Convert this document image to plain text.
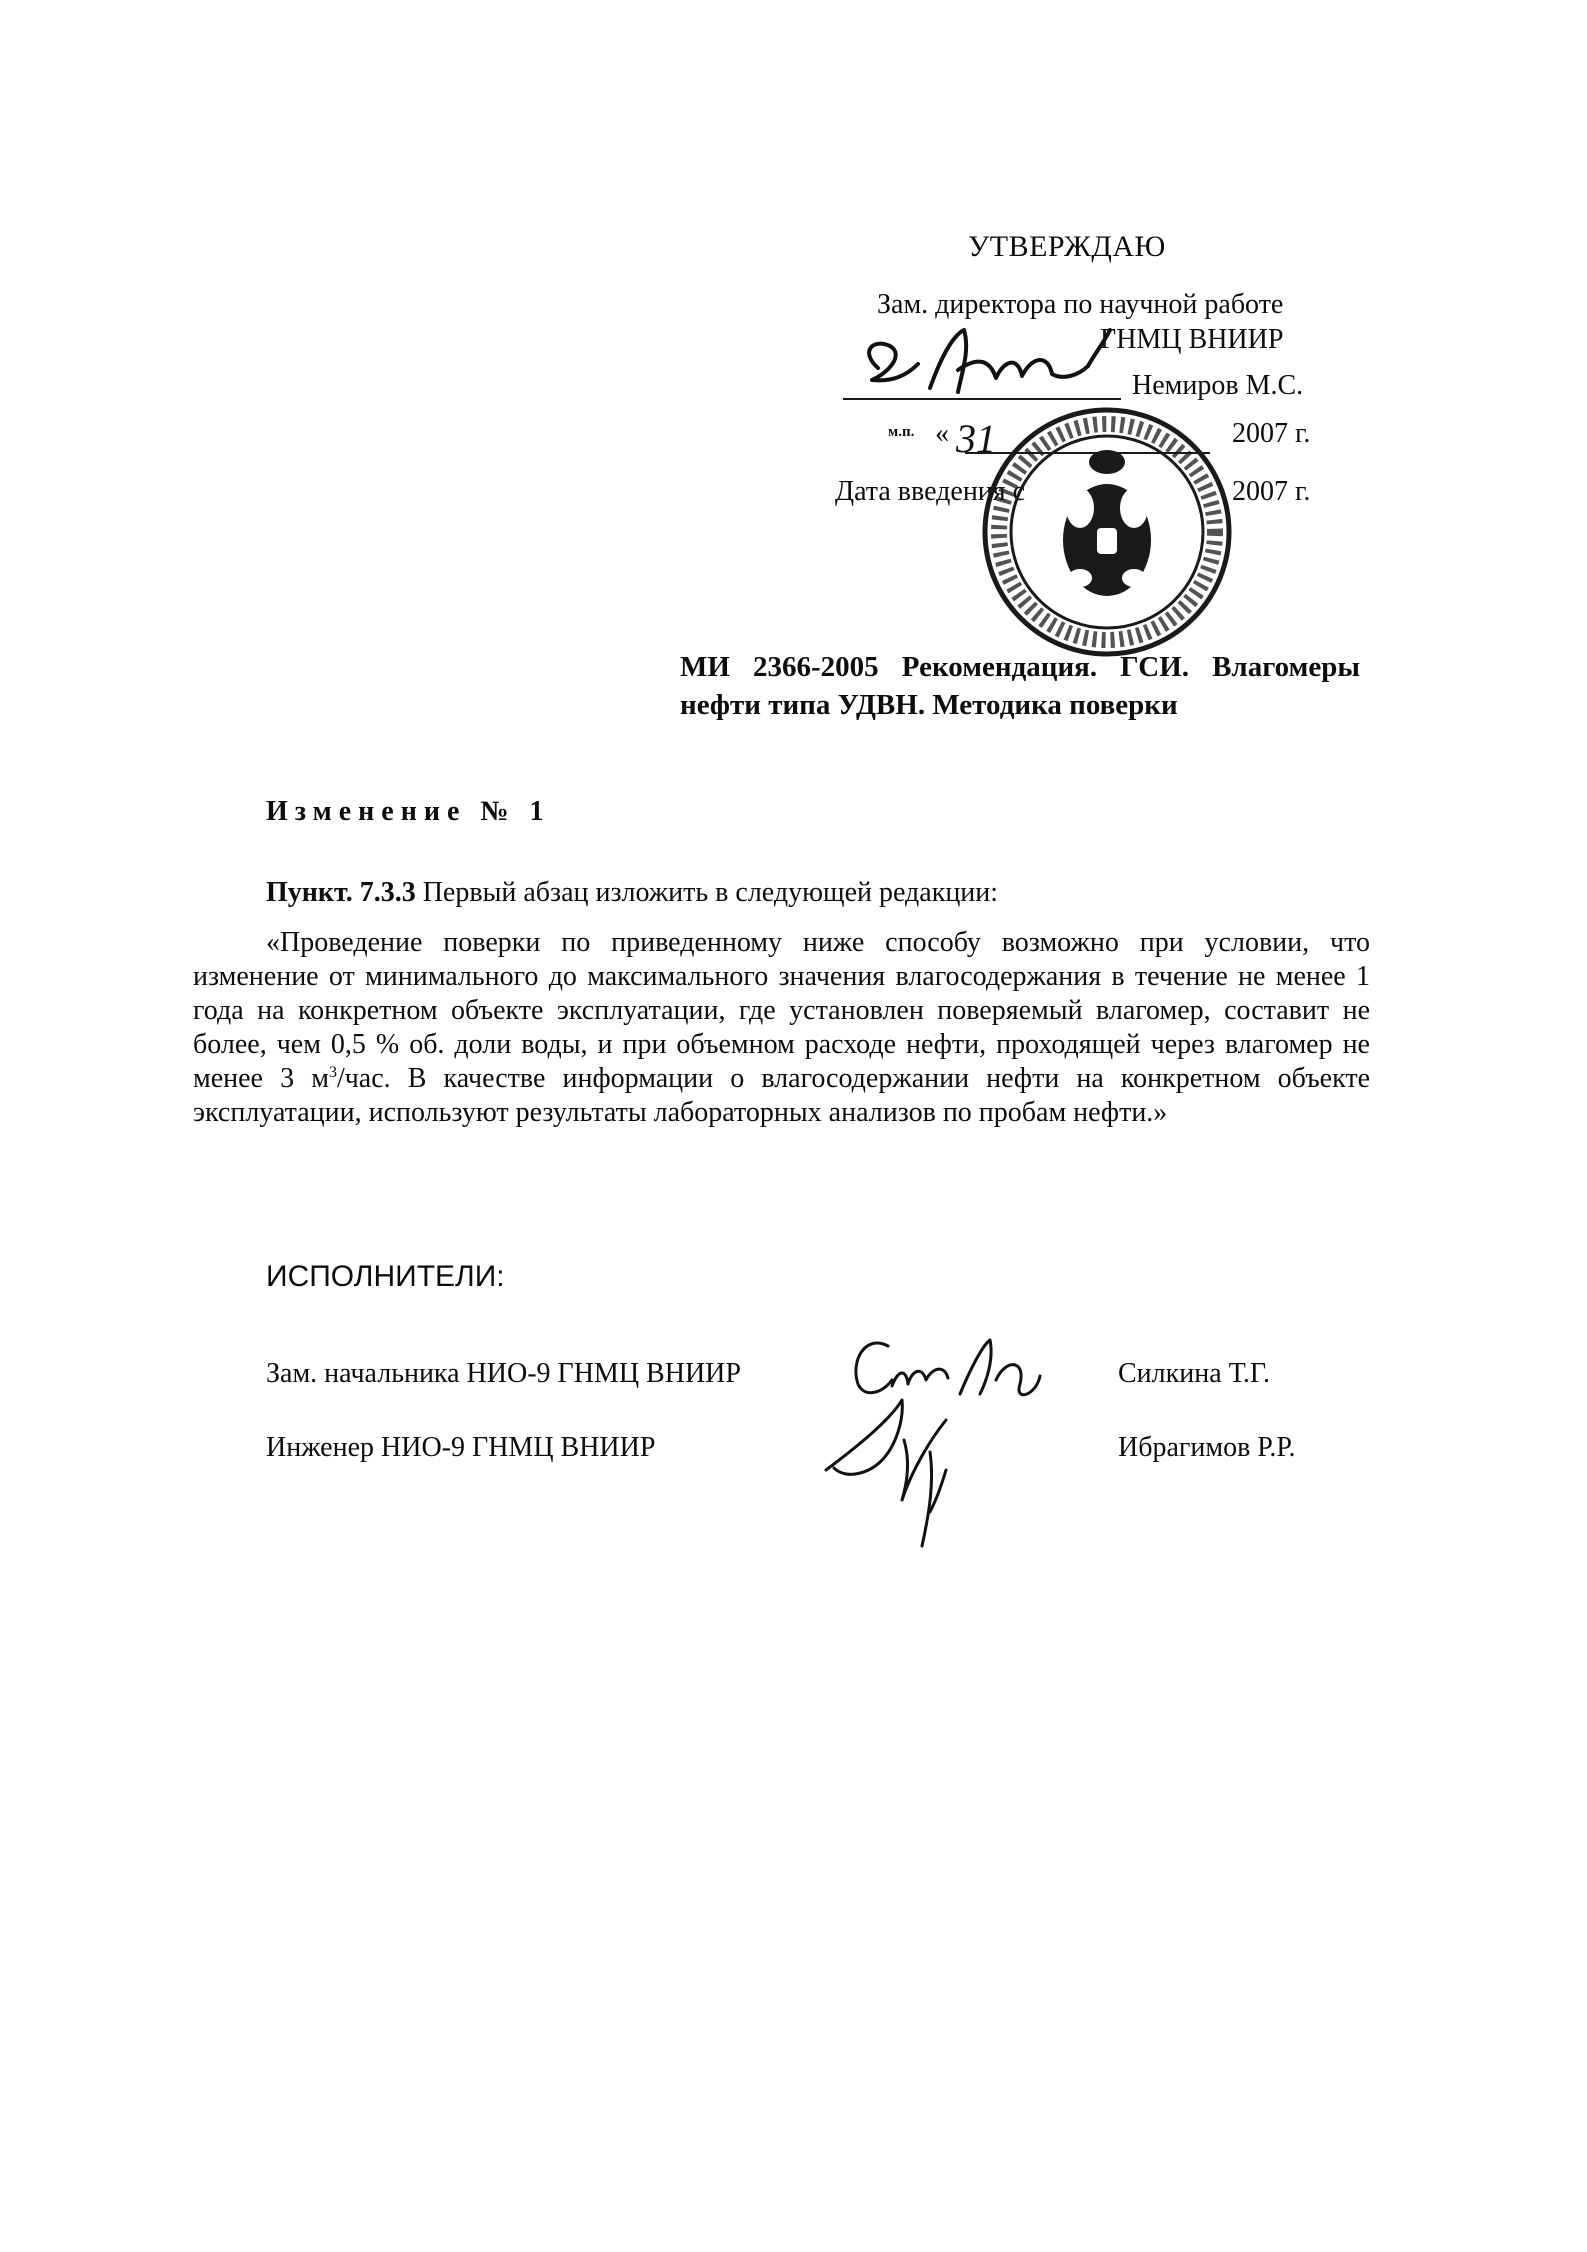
УТВЕРЖДАЮ
Зам. директора по научной работе
ГНМЦ ВНИИР
Немиров М.С.
м.п. «	2007 г.
Дата введения с	2007 г.
МИ 2366-2005 Рекомендация. ГСИ. Влагомеры нефти типа УДВН. Методика поверки
Изменение № 1
Пункт. 7.3.3 Первый абзац изложить в следующей редакции:
«Проведение поверки по приведенному ниже способу возможно при условии, что изменение от минимального до максимального значения влагосодержания в течение не менее 1 года на конкретном объекте эксплуатации, где установлен поверяемый влагомер, составит не более, чем 0,5 % об. доли воды, и при объемном расходе нефти, проходящей через влагомер не менее 3 $м^3$/час. В качестве информации о влагосодержании нефти на конкретном объекте эксплуатации, используют результаты лабораторных анализов по пробам нефти.»
ИСПОЛНИТЕЛИ:
Зам. начальника НИО-9 ГНМЦ ВНИИР	Силкина Т.Г.
Инженер НИО-9 ГНМЦ ВНИИР	Ибрагимов Р.Р.
31
